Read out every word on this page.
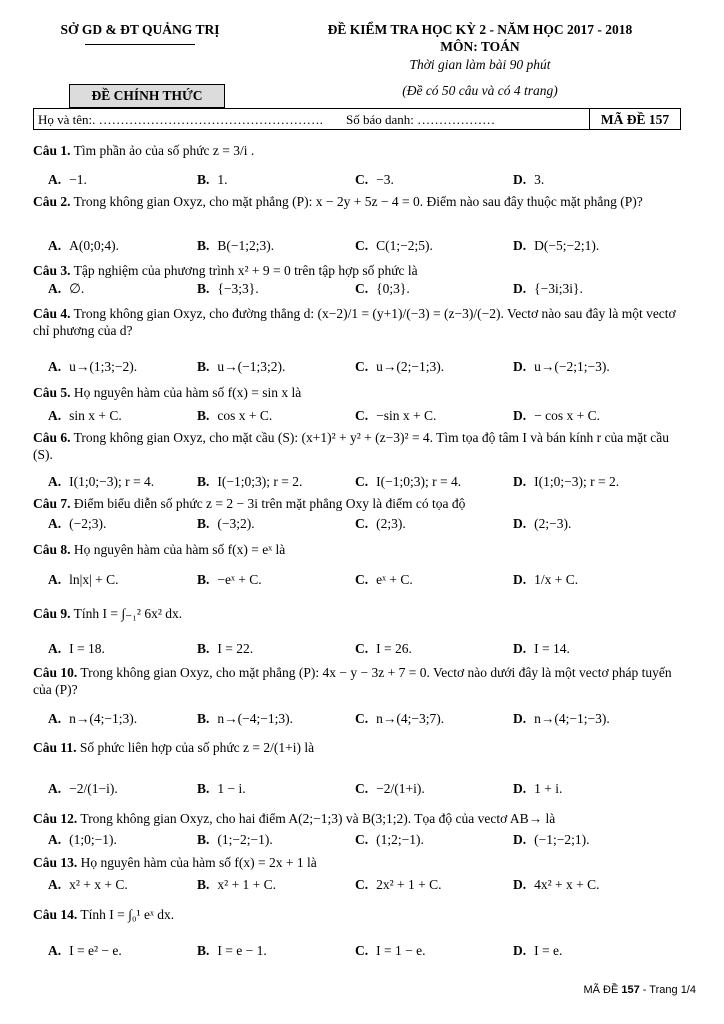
SỞ GD & ĐT QUẢNG TRỊ	ĐỀ KIỂM TRA HỌC KỲ 2 - NĂM HỌC 2017 - 2018
MÔN: TOÁN
Thời gian làm bài 90 phút
(Đề có 50 câu và có 4 trang)
ĐỀ CHÍNH THỨC
Họ và tên:. ……………………………………………. Số báo danh: ………………	MÃ ĐỀ 157
Câu 1. Tìm phần ảo của số phức z = 3/i .
A. −1.	B. 1.	C. −3.	D. 3.
Câu 2. Trong không gian Oxyz, cho mặt phẳng (P): x − 2y + 5z − 4 = 0. Điểm nào sau đây thuộc mặt phẳng (P)?
A. A(0;0;4).	B. B(−1;2;3).	C. C(1;−2;5).	D. D(−5;−2;1).
Câu 3. Tập nghiệm của phương trình x² + 9 = 0 trên tập hợp số phức là
A. ∅.	B. {−3;3}.	C. {0;3}.	D. {−3i;3i}.
Câu 4. Trong không gian Oxyz, cho đường thẳng d: (x−2)/1 = (y+1)/(−3) = (z−3)/(−2). Vectơ nào sau đây là một vectơ chỉ phương của d?
A. u→(1;3;−2).	B. u→(−1;3;2).	C. u→(2;−1;3).	D. u→(−2;1;−3).
Câu 5. Họ nguyên hàm của hàm số f(x) = sin x là
A. sin x + C.	B. cos x + C.	C. −sin x + C.	D. − cos x + C.
Câu 6. Trong không gian Oxyz, cho mặt cầu (S): (x+1)² + y² + (z−3)² = 4. Tìm tọa độ tâm I và bán kính r của mặt cầu (S).
A. I(1;0;−3); r = 4.	B. I(−1;0;3); r = 2.	C. I(−1;0;3); r = 4.	D. I(1;0;−3); r = 2.
Câu 7. Điểm biểu diễn số phức z = 2 − 3i trên mặt phẳng Oxy là điểm có tọa độ
A. (−2;3).	B. (−3;2).	C. (2;3).	D. (2;−3).
Câu 8. Họ nguyên hàm của hàm số f(x) = eˣ là
A. ln|x| + C.	B. −eˣ + C.	C. eˣ + C.	D. 1/x + C.
Câu 9. Tính I = ∫₋₁² 6x² dx.
A. I = 18.	B. I = 22.	C. I = 26.	D. I = 14.
Câu 10. Trong không gian Oxyz, cho mặt phẳng (P): 4x − y − 3z + 7 = 0. Vectơ nào dưới đây là một vectơ pháp tuyến của (P)?
A. n→(4;−1;3).	B. n→(−4;−1;3).	C. n→(4;−3;7).	D. n→(4;−1;−3).
Câu 11. Số phức liên hợp của số phức z = 2/(1+i) là
A. −2/(1−i).	B. 1 − i.	C. −2/(1+i).	D. 1 + i.
Câu 12. Trong không gian Oxyz, cho hai điểm A(2;−1;3) và B(3;1;2). Tọa độ của vectơ AB→ là
A. (1;0;−1).	B. (1;−2;−1).	C. (1;2;−1).	D. (−1;−2;1).
Câu 13. Họ nguyên hàm của hàm số f(x) = 2x + 1 là
A. x² + x + C.	B. x² + 1 + C.	C. 2x² + 1 + C.	D. 4x² + x + C.
Câu 14. Tính I = ∫₀¹ eˣ dx.
A. I = e² − e.	B. I = e − 1.	C. I = 1 − e.	D. I = e.
MÃ ĐỀ 157 - Trang 1/4
